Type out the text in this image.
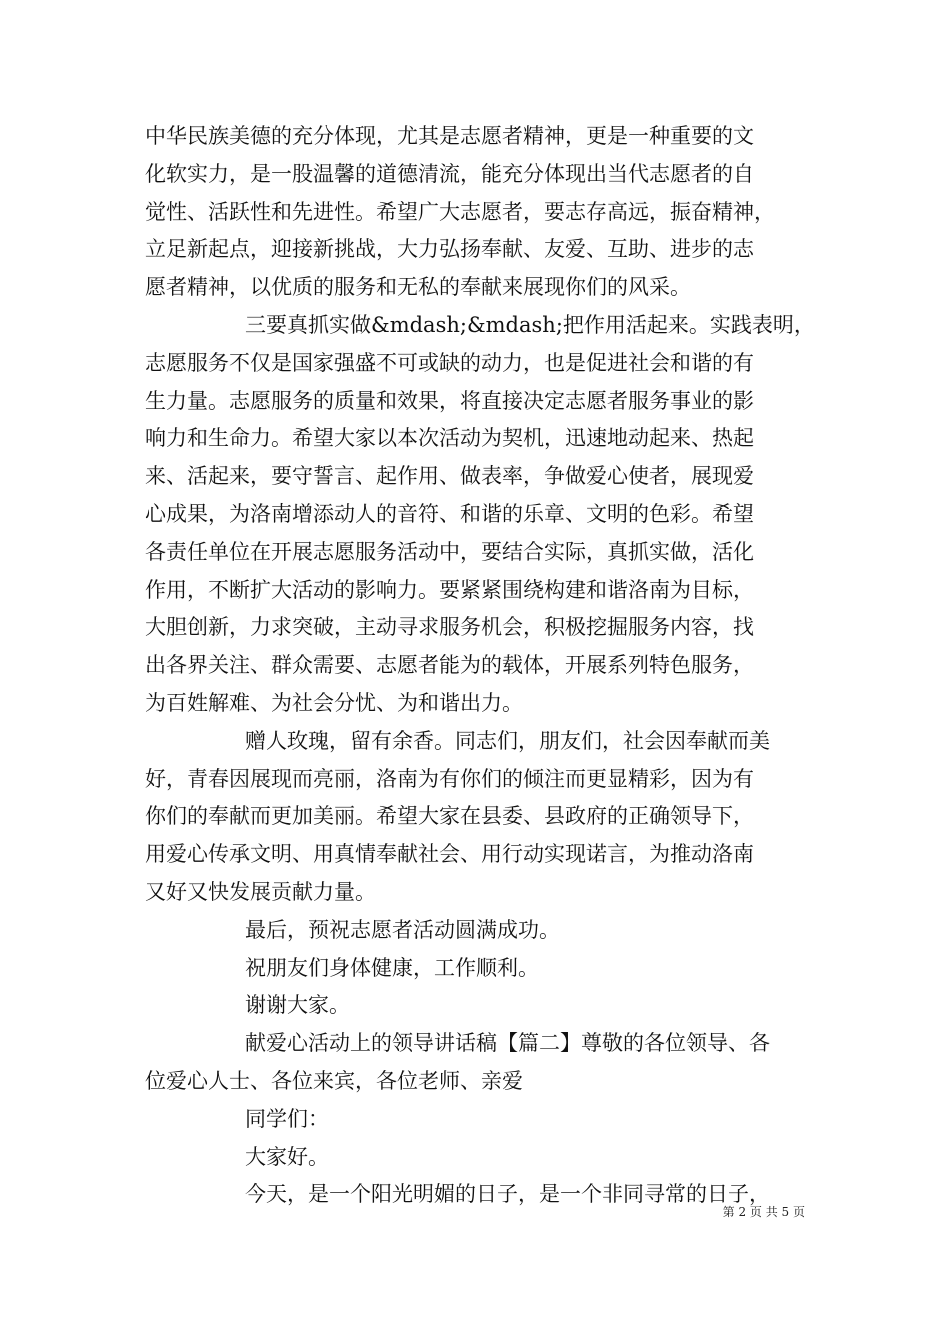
中华民族美德的充分体现，尤其是志愿者精神，更是一种重要的文
化软实力，是一股温馨的道德清流，能充分体现出当代志愿者的自
觉性、活跃性和先进性。希望广大志愿者，要志存高远，振奋精神，
立足新起点，迎接新挑战，大力弘扬奉献、友爱、互助、进步的志
愿者精神，以优质的服务和无私的奉献来展现你们的风采。
三要真抓实做&mdash;&mdash;把作用活起来。实践表明，
志愿服务不仅是国家强盛不可或缺的动力，也是促进社会和谐的有
生力量。志愿服务的质量和效果，将直接决定志愿者服务事业的影
响力和生命力。希望大家以本次活动为契机，迅速地动起来、热起
来、活起来，要守誓言、起作用、做表率，争做爱心使者，展现爱
心成果，为洛南增添动人的音符、和谐的乐章、文明的色彩。希望
各责任单位在开展志愿服务活动中，要结合实际，真抓实做，活化
作用，不断扩大活动的影响力。要紧紧围绕构建和谐洛南为目标，
大胆创新，力求突破，主动寻求服务机会，积极挖掘服务内容，找
出各界关注、群众需要、志愿者能为的载体，开展系列特色服务，
为百姓解难、为社会分忧、为和谐出力。
赠人玫瑰，留有余香。同志们，朋友们，社会因奉献而美
好，青春因展现而亮丽，洛南为有你们的倾注而更显精彩，因为有
你们的奉献而更加美丽。希望大家在县委、县政府的正确领导下，
用爱心传承文明、用真情奉献社会、用行动实现诺言，为推动洛南
又好又快发展贡献力量。
最后，预祝志愿者活动圆满成功。
祝朋友们身体健康，工作顺利。
谢谢大家。
献爱心活动上的领导讲话稿【篇二】尊敬的各位领导、各
位爱心人士、各位来宾，各位老师、亲爱
同学们：
大家好。
今天，是一个阳光明媚的日子，是一个非同寻常的日子，
第 2 页 共 5 页
